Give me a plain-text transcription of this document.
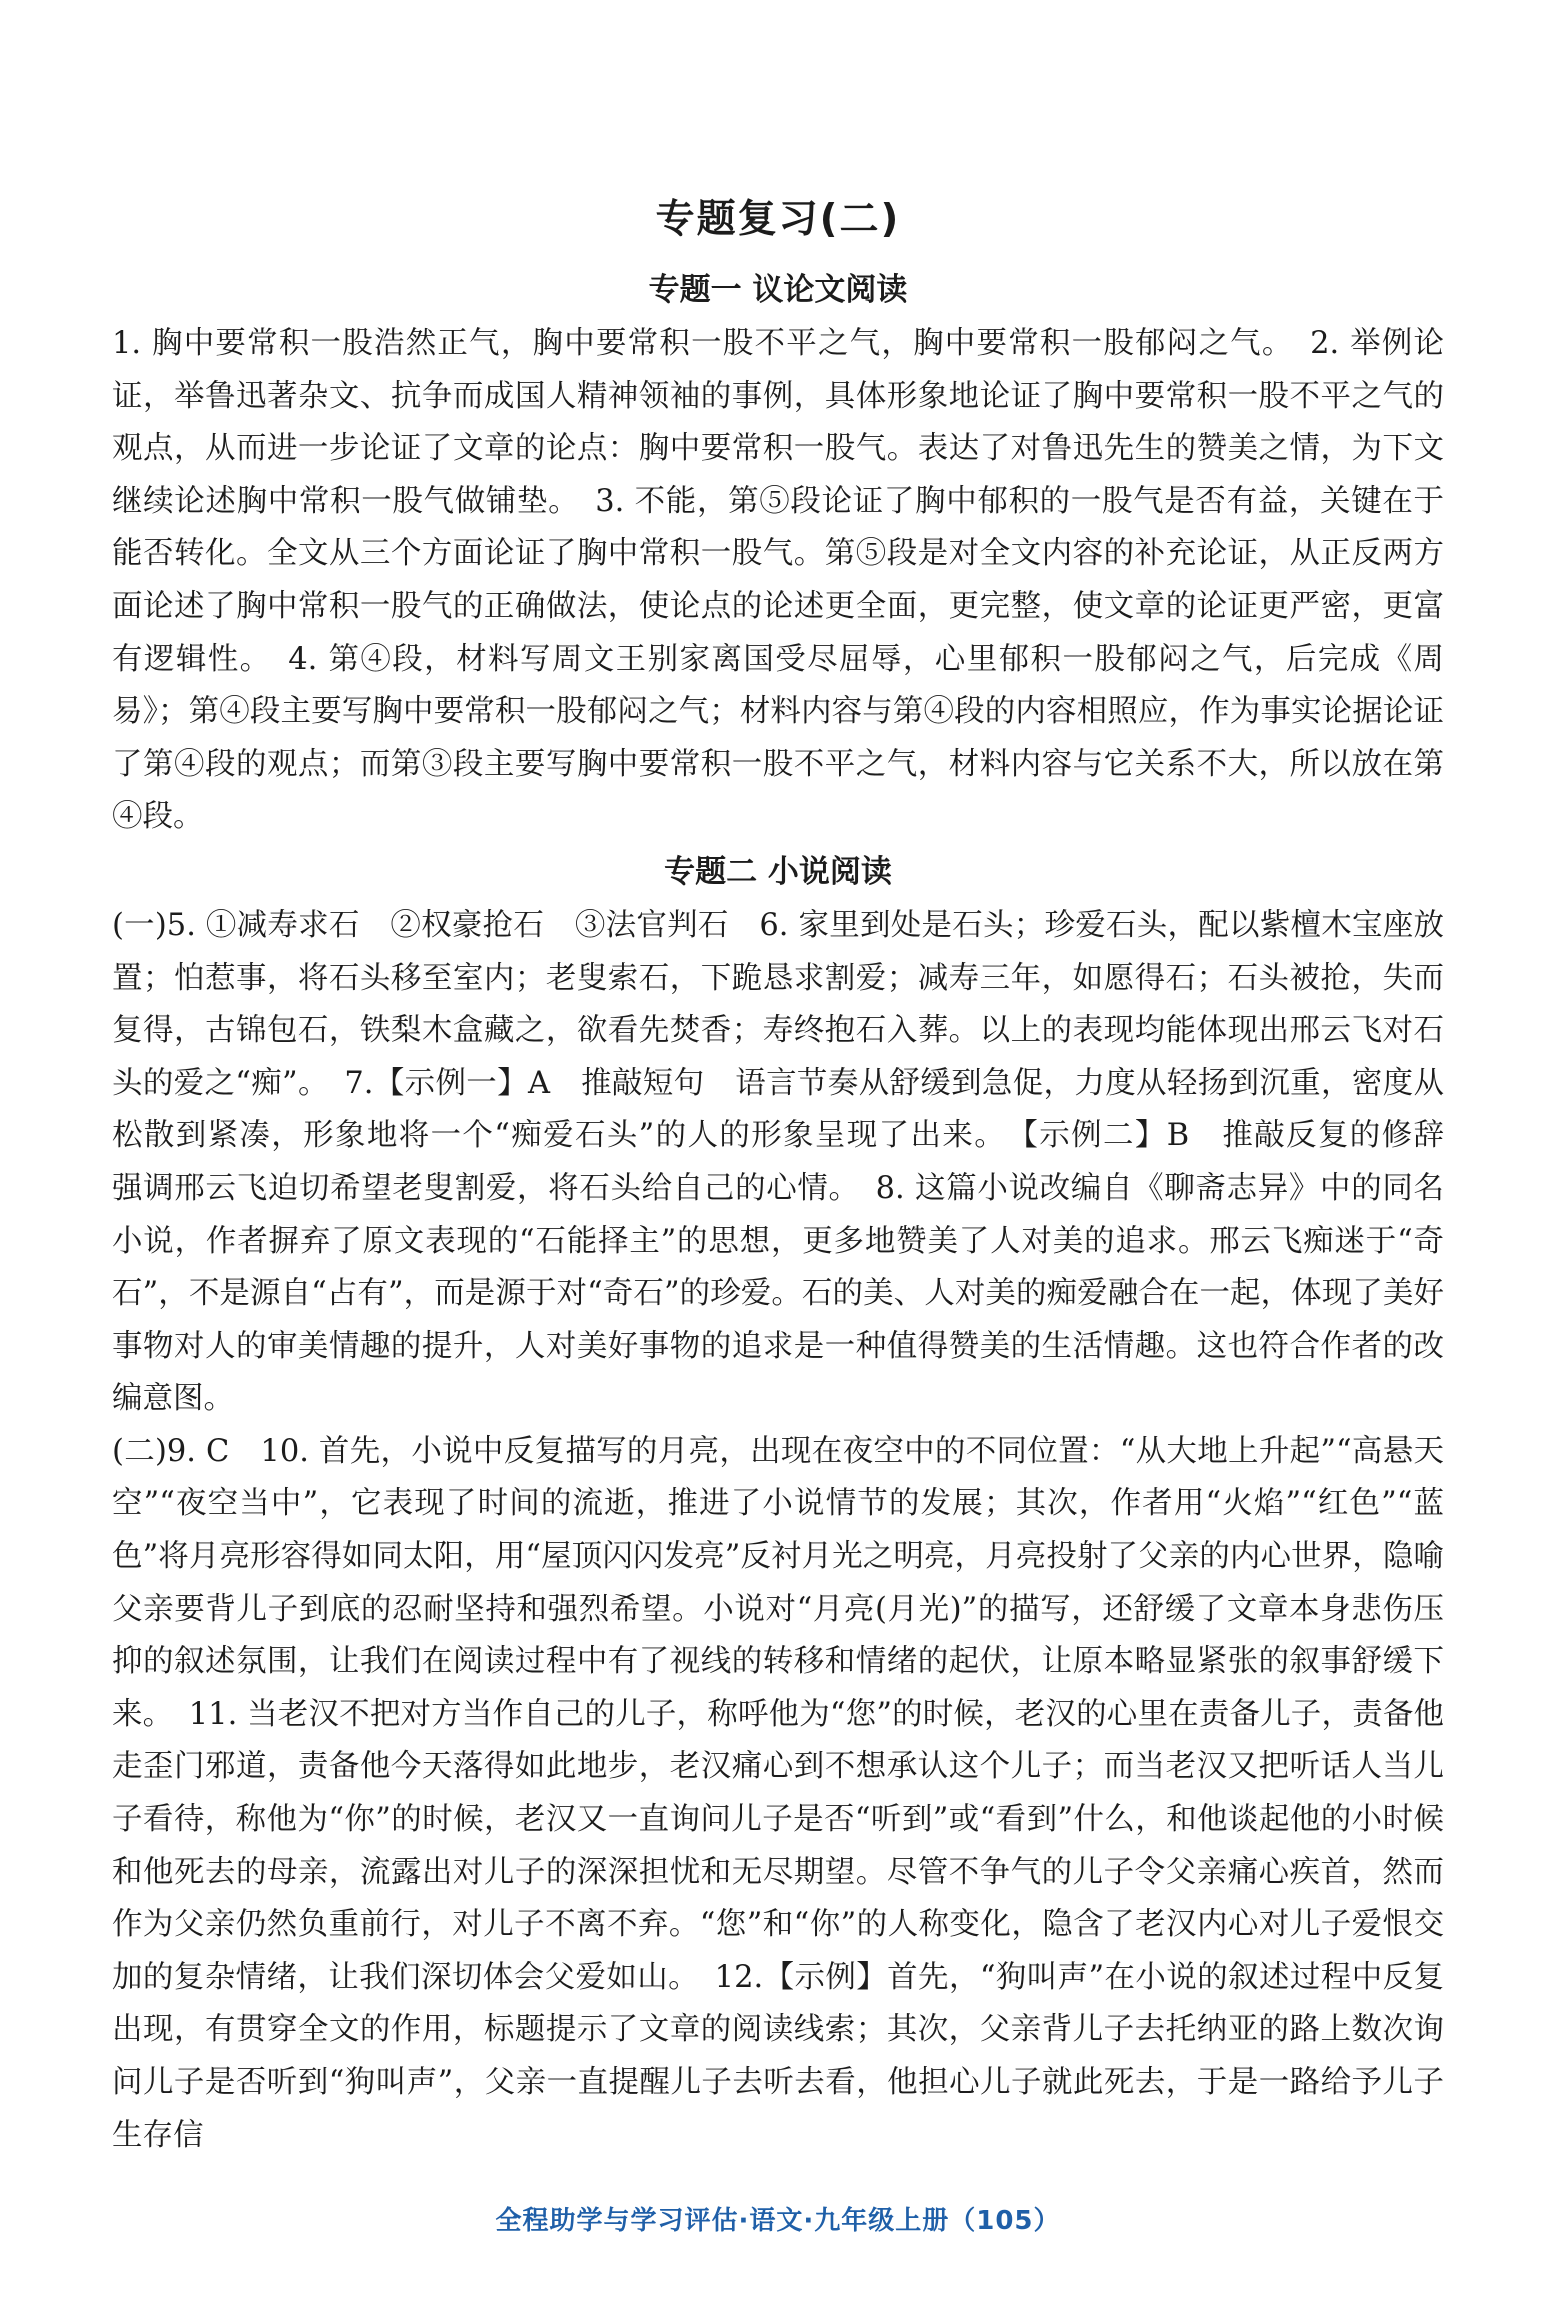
专题复习(二)
专题一 议论文阅读

1. 胸中要常积一股浩然正气，胸中要常积一股不平之气，胸中要常积一股郁闷之气。　2. 举例论证，举鲁迅著杂文、抗争而成国人精神领袖的事例，具体形象地论证了胸中要常积一股不平之气的观点，从而进一步论证了文章的论点：胸中要常积一股气。表达了对鲁迅先生的赞美之情，为下文继续论述胸中常积一股气做铺垫。　3. 不能，第⑤段论证了胸中郁积的一股气是否有益，关键在于能否转化。全文从三个方面论证了胸中常积一股气。第⑤段是对全文内容的补充论证，从正反两方面论述了胸中常积一股气的正确做法，使论点的论述更全面，更完整，使文章的论证更严密，更富有逻辑性。　4. 第④段，材料写周文王别家离国受尽屈辱，心里郁积一股郁闷之气，后完成《周易》；第④段主要写胸中要常积一股郁闷之气；材料内容与第④段的内容相照应，作为事实论据论证了第④段的观点；而第③段主要写胸中要常积一股不平之气，材料内容与它关系不大，所以放在第④段。

专题二 小说阅读

(一)5. ①减寿求石　②权豪抢石　③法官判石　6. 家里到处是石头；珍爱石头，配以紫檀木宝座放置；怕惹事，将石头移至室内；老叟索石，下跪恳求割爱；减寿三年，如愿得石；石头被抢，失而复得，古锦包石，铁梨木盒藏之，欲看先焚香；寿终抱石入葬。以上的表现均能体现出邢云飞对石头的爱之“痴”。　7.【示例一】A　推敲短句　语言节奏从舒缓到急促，力度从轻扬到沉重，密度从松散到紧凑，形象地将一个“痴爱石头”的人的形象呈现了出来。　【示例二】B　推敲反复的修辞　强调邢云飞迫切希望老叟割爱，将石头给自己的心情。　8. 这篇小说改编自《聊斋志异》中的同名小说，作者摒弃了原文表现的“石能择主”的思想，更多地赞美了人对美的追求。邢云飞痴迷于“奇石”，不是源自“占有”，而是源于对“奇石”的珍爱。石的美、人对美的痴爱融合在一起，体现了美好事物对人的审美情趣的提升，人对美好事物的追求是一种值得赞美的生活情趣。这也符合作者的改编意图。

(二)9. C　10. 首先，小说中反复描写的月亮，出现在夜空中的不同位置：“从大地上升起”“高悬天空”“夜空当中”，它表现了时间的流逝，推进了小说情节的发展；其次，作者用“火焰”“红色”“蓝色”将月亮形容得如同太阳，用“屋顶闪闪发亮”反衬月光之明亮，月亮投射了父亲的内心世界，隐喻父亲要背儿子到底的忍耐坚持和强烈希望。小说对“月亮(月光)”的描写，还舒缓了文章本身悲伤压抑的叙述氛围，让我们在阅读过程中有了视线的转移和情绪的起伏，让原本略显紧张的叙事舒缓下来。　11. 当老汉不把对方当作自己的儿子，称呼他为“您”的时候，老汉的心里在责备儿子，责备他走歪门邪道，责备他今天落得如此地步，老汉痛心到不想承认这个儿子；而当老汉又把听话人当儿子看待，称他为“你”的时候，老汉又一直询问儿子是否“听到”或“看到”什么，和他谈起他的小时候和他死去的母亲，流露出对儿子的深深担忧和无尽期望。尽管不争气的儿子令父亲痛心疾首，然而作为父亲仍然负重前行，对儿子不离不弃。“您”和“你”的人称变化，隐含了老汉内心对儿子爱恨交加的复杂情绪，让我们深切体会父爱如山。　12.【示例】首先，“狗叫声”在小说的叙述过程中反复出现，有贯穿全文的作用，标题提示了文章的阅读线索；其次，父亲背儿子去托纳亚的路上数次询问儿子是否听到“狗叫声”，父亲一直提醒儿子去听去看，他担心儿子就此死去，于是一路给予儿子生存信

全程助学与学习评估·语文·九年级上册（105）
